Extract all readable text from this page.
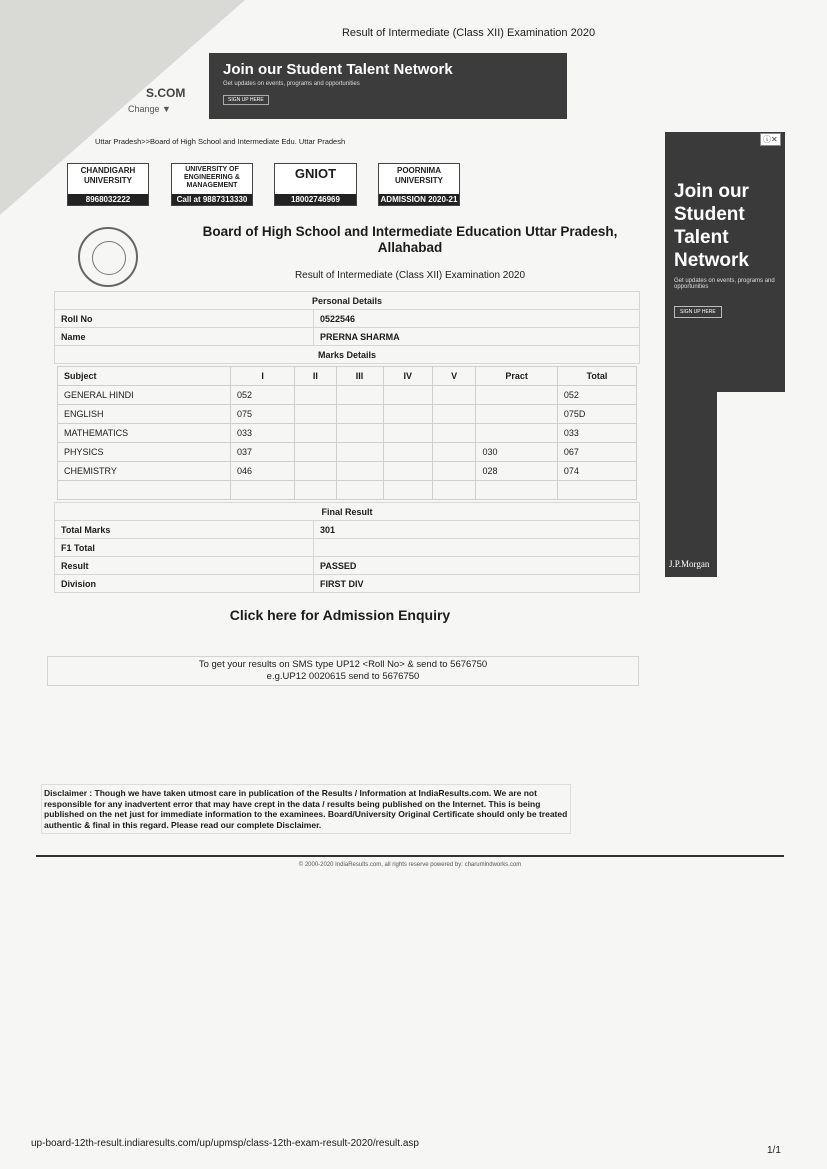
Result of Intermediate (Class XII) Examination 2020
S.COM
Change ▼
Join our Student Talent Network
Get updates on events, programs and opportunities
SIGN UP HERE
Uttar Pradesh>>Board of High School and Intermediate Edu. Uttar Pradesh
CHANDIGARH UNIVERSITY
8968032222
UNIVERSITY OF ENGINEERING & MANAGEMENT
Call at 9887313330
GNIOT
18002746969
POORNIMA UNIVERSITY
ADMISSION 2020-21
Board of High School and Intermediate Education Uttar Pradesh, Allahabad
Result of Intermediate (Class XII) Examination 2020
Personal Details	
Roll No	0522546
Name	PRERNA SHARMA
Marks Details	
Subject	I	II	III	IV	V	Pract	Total
GENERAL HINDI	052						052
ENGLISH	075						075D
MATHEMATICS	033						033
PHYSICS	037					030	067
CHEMISTRY	046					028	074

Final Result	
Total Marks	301
F1 Total	
Result	PASSED
Division	FIRST DIV
Click here for Admission Enquiry
To get your results on SMS type UP12 <Roll No> & send to 5676750
e.g.UP12 0020615 send to 5676750
Disclaimer : Though we have taken utmost care in publication of the Results / Information at IndiaResults.com. We are not responsible for any inadvertent error that may have crept in the data / results being published on the Internet. This is being published on the net just for immediate information to the examinees. Board/University Original Certificate should only be treated authentic & final in this regard. Please read our complete Disclaimer.
© 2000-2020 IndiaResults.com, all rights reserve powered by: charumindworks.com
Join our Student Talent Network
Get updates on events, programs and opportunities
SIGN UP HERE
J.P.Morgan
ⓘ✕
up-board-12th-result.indiaresults.com/up/upmsp/class-12th-exam-result-2020/result.asp
1/1
